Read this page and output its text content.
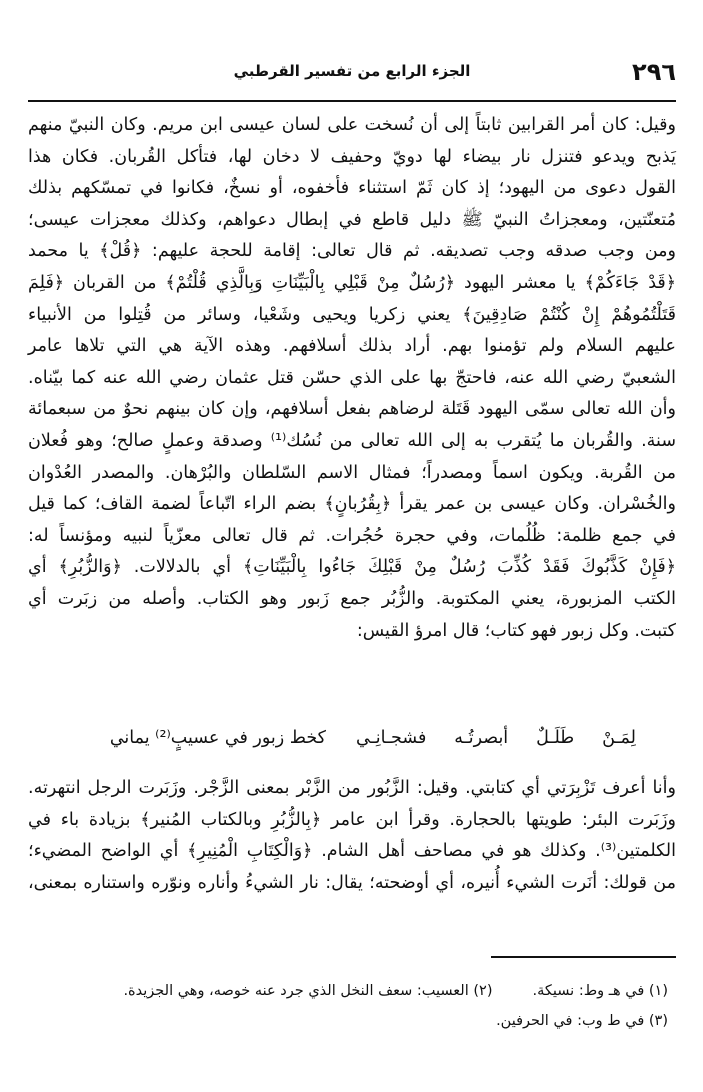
٢٩٦
الجزء الرابع من تفسير القرطبي

وقيل: كان أمر القرابين ثابتاً إلى أن نُسخت على لسان عيسى ابن مريم. وكان النبيّ منهم

يَذبح ويدعو فتنزل نار بيضاء لها دويّ وحفيف لا دخان لها، فتأكل القُربان. فكان هذا

القول دعوى من اليهود؛ إذ كان ثَمّ استثناء فأخفوه، أو نسخٌ، فكانوا في تمسّكهم بذلك

مُتعنّتين، ومعجزاتُ النبيّ ﷺ دليل قاطع في إبطال دعواهم، وكذلك معجزات عيسى؛

ومن وجب صدقه وجب تصديقه. ثم قال تعالى: إقامة للحجة عليهم: ﴿قُلْ﴾ يا محمد

﴿قَدْ جَاءَكُمْ﴾ يا معشر اليهود ﴿رُسُلٌ مِنْ قَبْلِي بِالْبَيِّنَاتِ وَبِالَّذِي قُلْتُمْ﴾ من القربان ﴿فَلِمَ

قَتَلْتُمُوهُمْ إِنْ كُنْتُمْ صَادِقِينَ﴾ يعني زكريا ويحيى وشَعْيا، وسائر من قُتِلوا من الأنبياء

عليهم السلام ولم تؤمنوا بهم. أراد بذلك أسلافهم. وهذه الآية هي التي تلاها عامر

الشعبيّ رضي الله عنه، فاحتجّ بها على الذي حسّن قتل عثمان رضي الله عنه كما بيّناه.

وأن الله تعالى سمّى اليهود قَتَلة لرضاهم بفعل أسلافهم، وإن كان بينهم نحوٌ من سبعمائة

سنة. والقُربان ما يُتقرب به إلى الله تعالى من نُسُك⁽¹⁾ وصدقة وعملٍ صالح؛ وهو فُعلان

من القُربة. ويكون اسماً ومصدراً؛ فمثال الاسم السّلطان والبُرْهان. والمصدر العُدْوان

والخُسْران. وكان عيسى بن عمر يقرأ ﴿بِقُرُبانٍ﴾ بضم الراء اتّباعاً لضمة القاف؛ كما قيل

في جمع ظلمة: ظُلُمات، وفي حجرة حُجُرات. ثم قال تعالى معزّياً لنبيه ومؤنساً له:

﴿فَإِنْ كَذَّبُوكَ فَقَدْ كُذِّبَ رُسُلٌ مِنْ قَبْلِكَ جَاءُوا بِالْبَيِّنَاتِ﴾ أي بالدلالات. ﴿وَالزُّبُرِ﴾ أي

الكتب المزبورة، يعني المكتوبة. والزُّبُر جمع زَبور وهو الكتاب. وأصله من زبَرت أي

كتبت. وكل زبور فهو كتاب؛ قال امرؤ القيس:

لِمَـنْ طَلَـلٌ أبصرتُـه فشجـانِـي
كخط زبور في عسيبٍ⁽²⁾ يماني

وأنا أعرف تَزْبِرَتي أي كتابتي. وقيل: الزَّبُور من الزَّبْر بمعنى الزَّجْر. وزَبَرت الرجل انتهرته.

وزَبَرت البئر: طويتها بالحجارة. وقرأ ابن عامر ﴿بِالزُّبُرِ وبالكتاب المُنير﴾ بزيادة باء في

الكلمتين⁽³⁾. وكذلك هو في مصاحف أهل الشام. ﴿وَالْكِتَابِ الْمُنِيرِ﴾ أي الواضح المضيء؛

من قولك: أنَرت الشيء أُنيره، أي أوضحته؛ يقال: نار الشيءُ وأناره ونوّره واستناره بمعنى،

(١) في هـ وط: نسيكة.
(٢) العسيب: سعف النخل الذي جرد عنه خوصه، وهي الجزيدة.
(٣) في ط وب: في الحرفين.
